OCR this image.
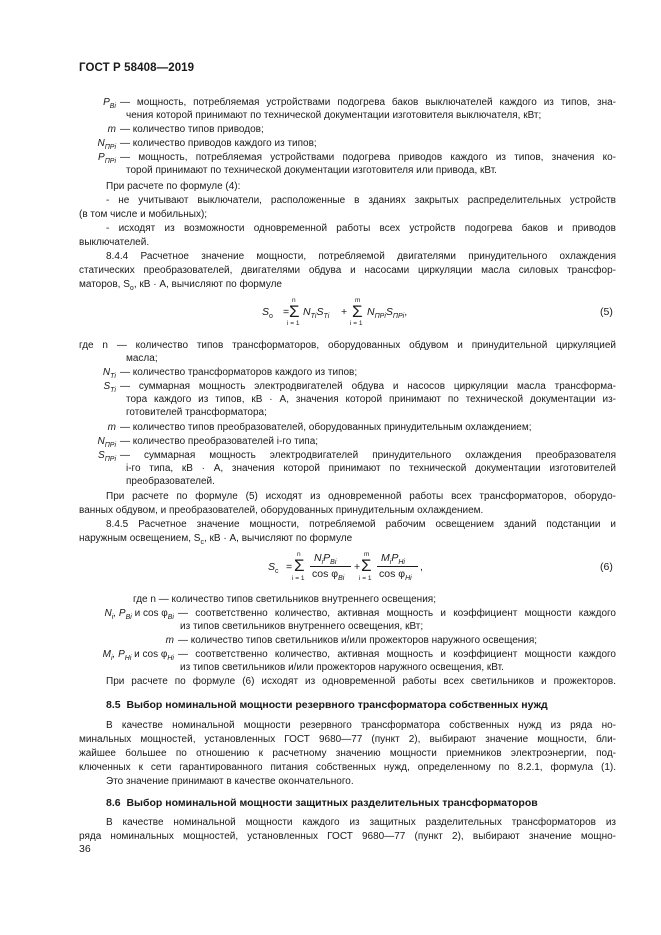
ГОСТ Р 58408—2019
$P_{Bi}$ — мощность, потребляемая устройствами подогрева баков выключателей каждого из типов, зна-
чения которой принимают по технической документации изготовителя выключателя, кВт;
m — количество типов приводов;
$N_{ПРi}$ — количество приводов каждого из типов;
$P_{ПРi}$ — мощность, потребляемая устройствами подогрева приводов каждого из типов, значения ко-
торой принимают по технической документации изготовителя или привода, кВт.
При расчете по формуле (4):
- не учитывают выключатели, расположенные в зданиях закрытых распределительных устройств
(в том числе и мобильных);
- исходят из возможности одновременной работы всех устройств подогрева баков и приводов
выключателей.
8.4.4 Расчетное значение мощности, потребляемой двигателями принудительного охлаждения
статических преобразователей, двигателями обдува и насосами циркуляции масла силовых трансфор-
маторов, $S_о$, кВ · А, вычисляют по формуле
$S_о$ =
n
Σ
i = 1
$N_{Тi}S_{Тi}$ +
m
Σ
i = 1
$N_{ПРi}S_{ПРi}$,	(5)
где n — количество типов трансформаторов, оборудованных обдувом и принудительной циркуляцией
масла;
$N_{Тi}$ — количество трансформаторов каждого из типов;
$S_{Тi}$ — суммарная мощность электродвигателей обдува и насосов циркуляции масла трансформа-
тора каждого из типов, кВ · А, значения которой принимают по технической документации из-
готовителей трансформатора;
m — количество типов преобразователей, оборудованных принудительным охлаждением;
$N_{ПРi}$ — количество преобразователей i-го типа;
$S_{ПРi}$ — суммарная мощность электродвигателей принудительного охлаждения преобразователя
i-го типа, кВ · А, значения которой принимают по технической документации изготовителей
преобразователей.
При расчете по формуле (5) исходят из одновременной работы всех трансформаторов, оборудо-
ванных обдувом, и преобразователей, оборудованных принудительным охлаждением.
8.4.5 Расчетное значение мощности, потребляемой рабочим освещением зданий подстанции и
наружным освещением, $S_с$, кВ · А, вычисляют по формуле
$S_с$ =
n
Σ
i = 1
$N_iP_{Bi}$
$\cos \varphi_{Bi}$
+
m
Σ
i = 1
$M_iP_{Hi}$
$\cos \varphi_{Hi}$
,	(6)
где n — количество типов светильников внутреннего освещения;
$N_i$, $P_{Bi}$ и $\cos \varphi_{Bi}$ — соответственно количество, активная мощность и коэффициент мощности каждого
из типов светильников внутреннего освещения, кВт;
m — количество типов светильников и/или прожекторов наружного освещения;
$M_i$, $P_{Hi}$ и $\cos \varphi_{Hi}$ — соответственно количество, активная мощность и коэффициент мощности каждого
из типов светильников и/или прожекторов наружного освещения, кВт.
При расчете по формуле (6) исходят из одновременной работы всех светильников и прожекторов.
8.5 Выбор номинальной мощности резервного трансформатора собственных нужд
В качестве номинальной мощности резервного трансформатора собственных нужд из ряда но-
минальных мощностей, установленных ГОСТ 9680—77 (пункт 2), выбирают значение мощности, бли-
жайшее большее по отношению к расчетному значению мощности приемников электроэнергии, под-
ключенных к сети гарантированного питания собственных нужд, определенному по 8.2.1, формула (1).
Это значение принимают в качестве окончательного.
8.6 Выбор номинальной мощности защитных разделительных трансформаторов
В качестве номинальной мощности каждого из защитных разделительных трансформаторов из
ряда номинальных мощностей, установленных ГОСТ 9680—77 (пункт 2), выбирают значение мощно-
36
